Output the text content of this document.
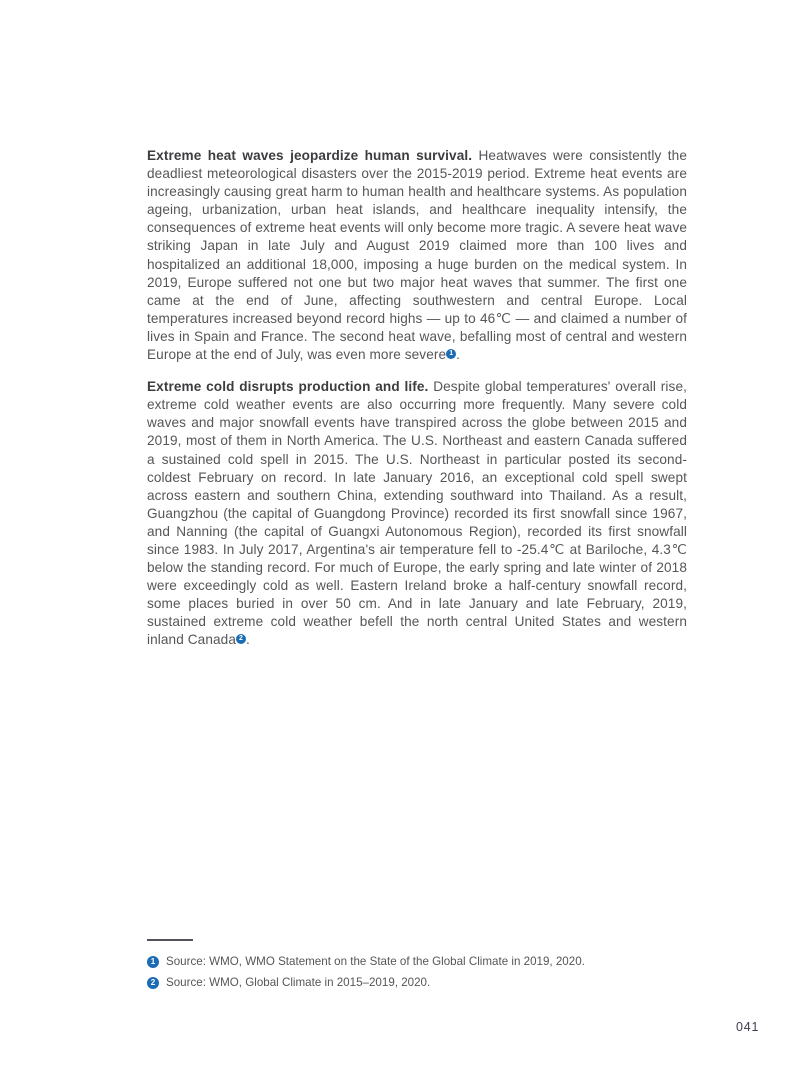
Extreme heat waves jeopardize human survival. Heatwaves were consistently the deadliest meteorological disasters over the 2015-2019 period. Extreme heat events are increasingly causing great harm to human health and healthcare systems. As population ageing, urbanization, urban heat islands, and healthcare inequality intensify, the consequences of extreme heat events will only become more tragic. A severe heat wave striking Japan in late July and August 2019 claimed more than 100 lives and hospitalized an additional 18,000, imposing a huge burden on the medical system. In 2019, Europe suffered not one but two major heat waves that summer. The first one came at the end of June, affecting southwestern and central Europe. Local temperatures increased beyond record highs — up to 46℃ — and claimed a number of lives in Spain and France. The second heat wave, befalling most of central and western Europe at the end of July, was even more severe 1 .

Extreme cold disrupts production and life. Despite global temperatures' overall rise, extreme cold weather events are also occurring more frequently. Many severe cold waves and major snowfall events have transpired across the globe between 2015 and 2019, most of them in North America. The U.S. Northeast and eastern Canada suffered a sustained cold spell in 2015. The U.S. Northeast in particular posted its second-coldest February on record. In late January 2016, an exceptional cold spell swept across eastern and southern China, extending southward into Thailand. As a result, Guangzhou (the capital of Guangdong Province) recorded its first snowfall since 1967, and Nanning (the capital of Guangxi Autonomous Region), recorded its first snowfall since 1983. In July 2017, Argentina's air temperature fell to -25.4℃ at Bariloche, 4.3℃ below the standing record. For much of Europe, the early spring and late winter of 2018 were exceedingly cold as well. Eastern Ireland broke a half-century snowfall record, some places buried in over 50 cm. And in late January and late February, 2019, sustained extreme cold weather befell the north central United States and western inland Canada 2 .

1 Source: WMO, WMO Statement on the State of the Global Climate in 2019, 2020.
2 Source: WMO, Global Climate in 2015–2019, 2020.
041
